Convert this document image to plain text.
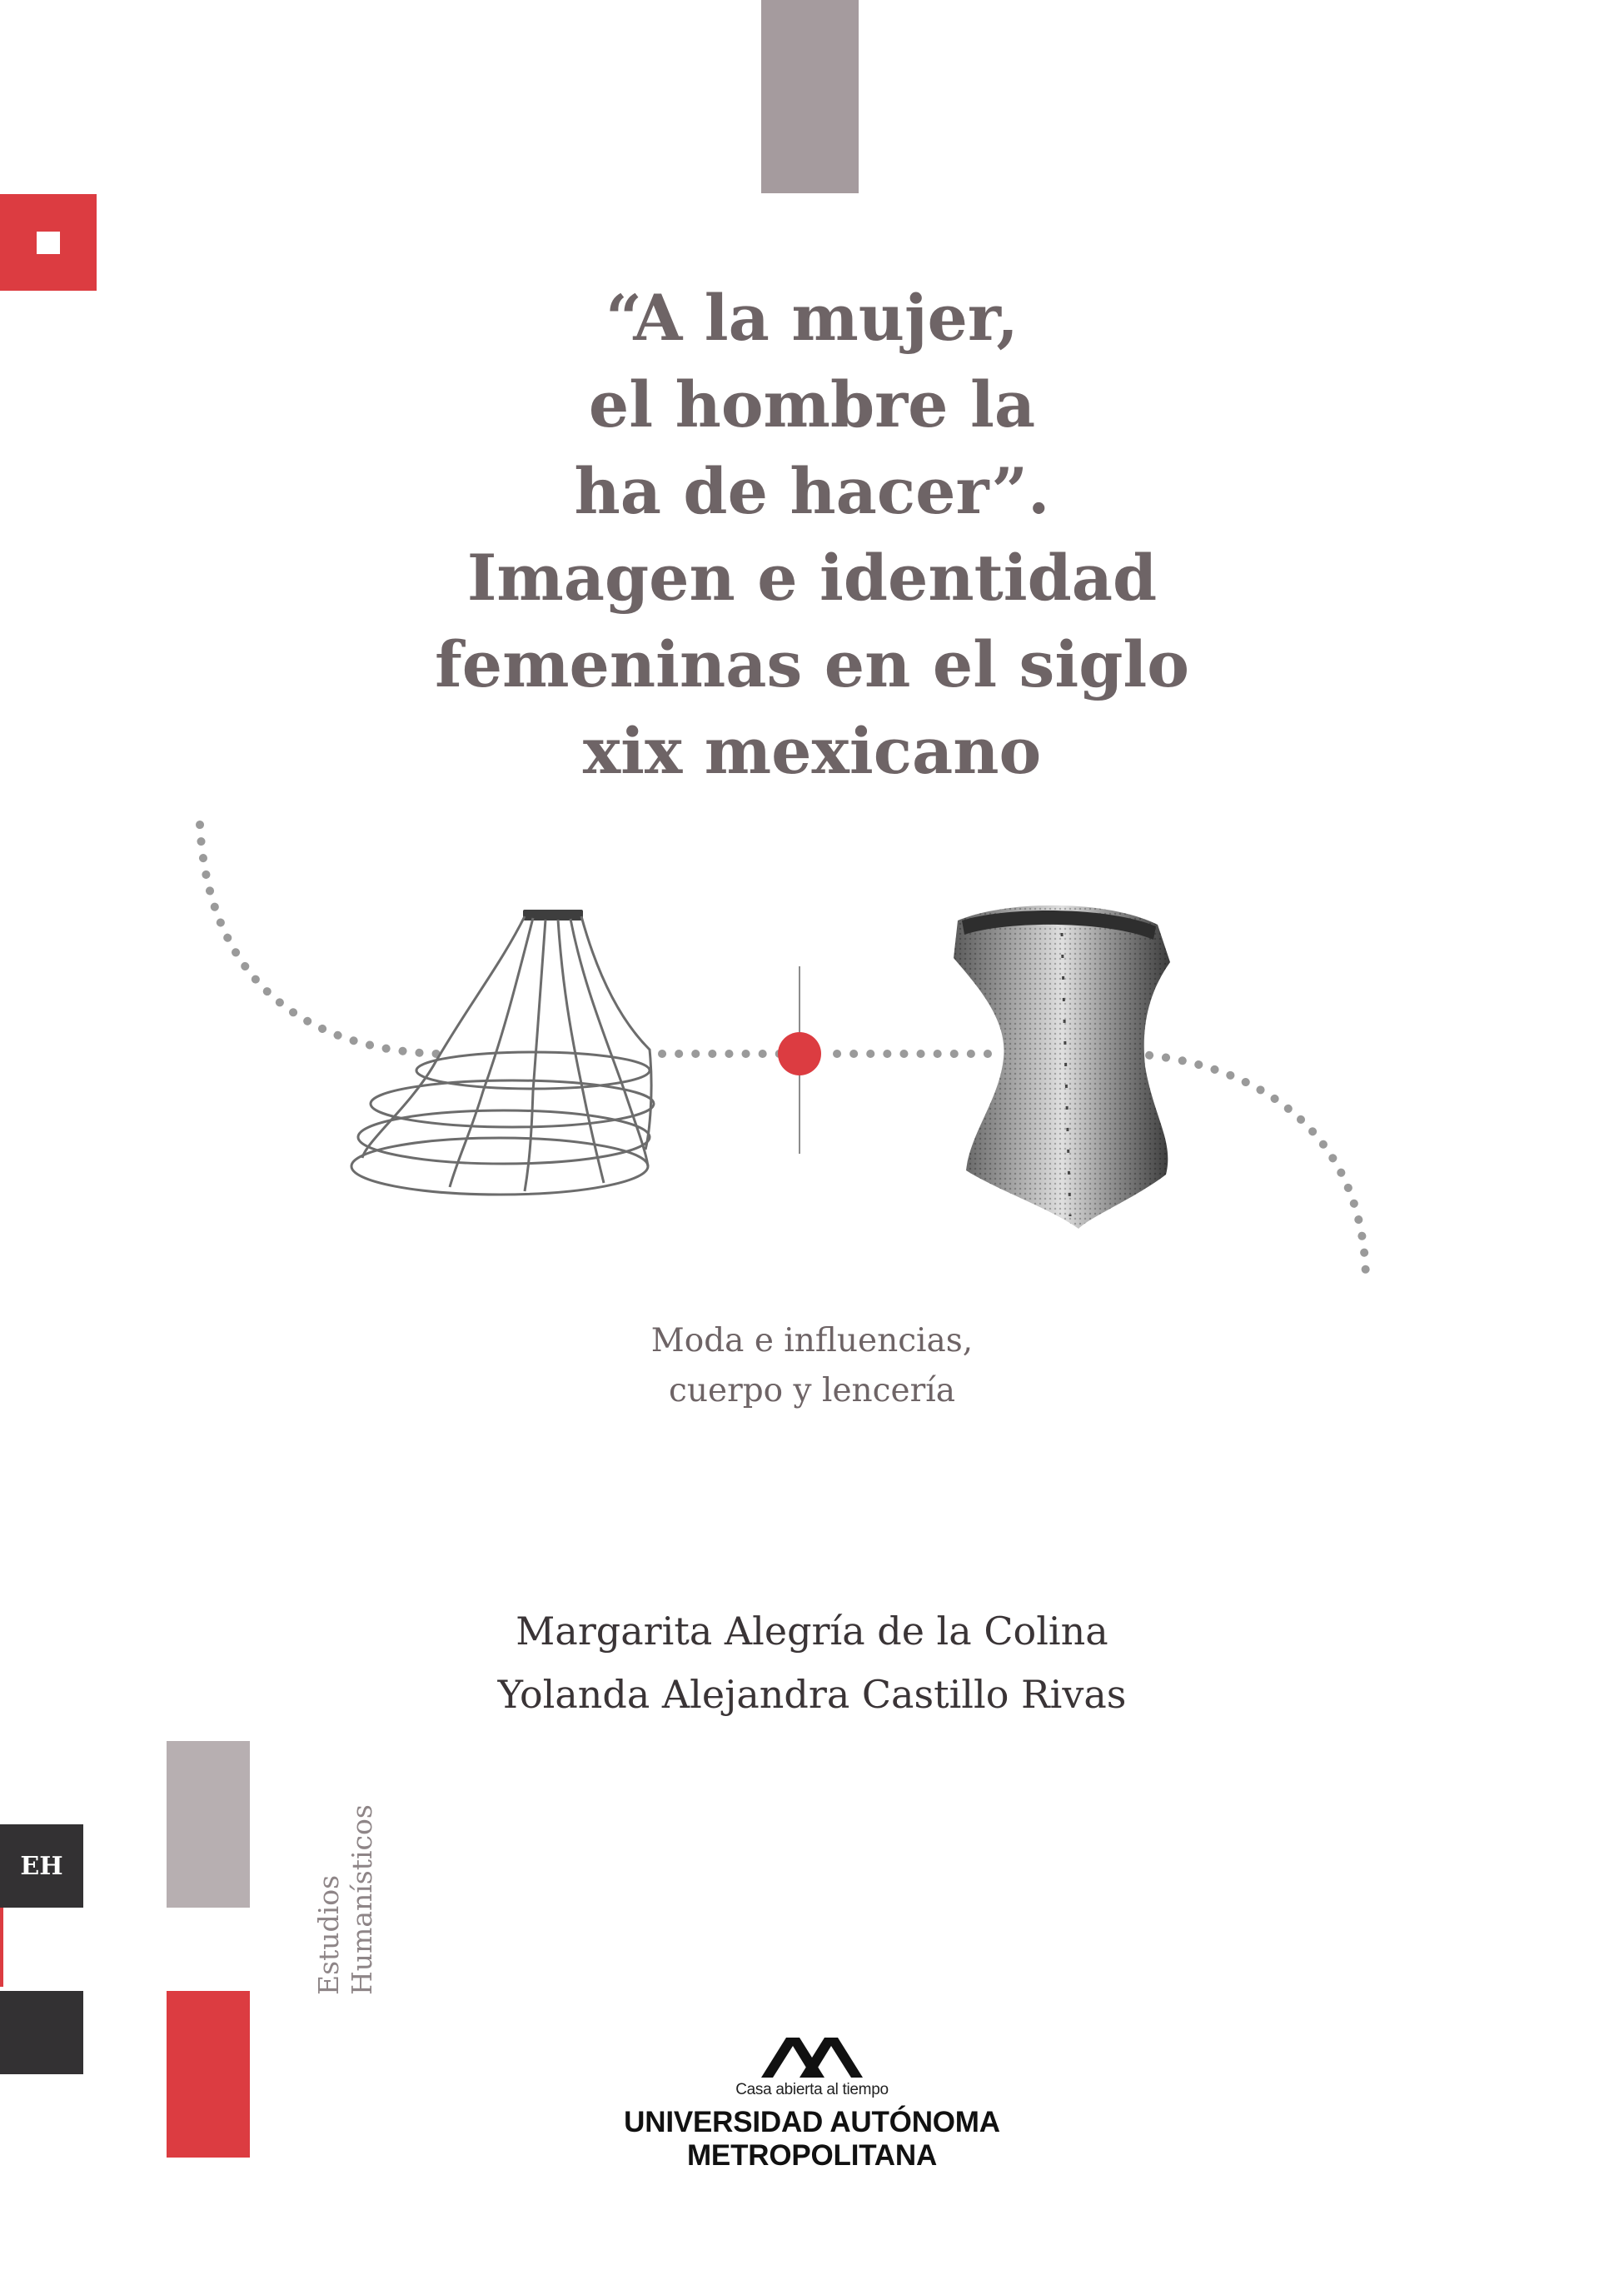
“A la mujer,
el hombre la
ha de hacer”.
Imagen e identidad
femeninas en el siglo
xix mexicano
Moda e influencias,
cuerpo y lencería
Margarita Alegría de la Colina
Yolanda Alejandra Castillo Rivas
EH
Estudios Humanísticos
Casa abierta al tiempo
UNIVERSIDAD AUTÓNOMA METROPOLITANA
